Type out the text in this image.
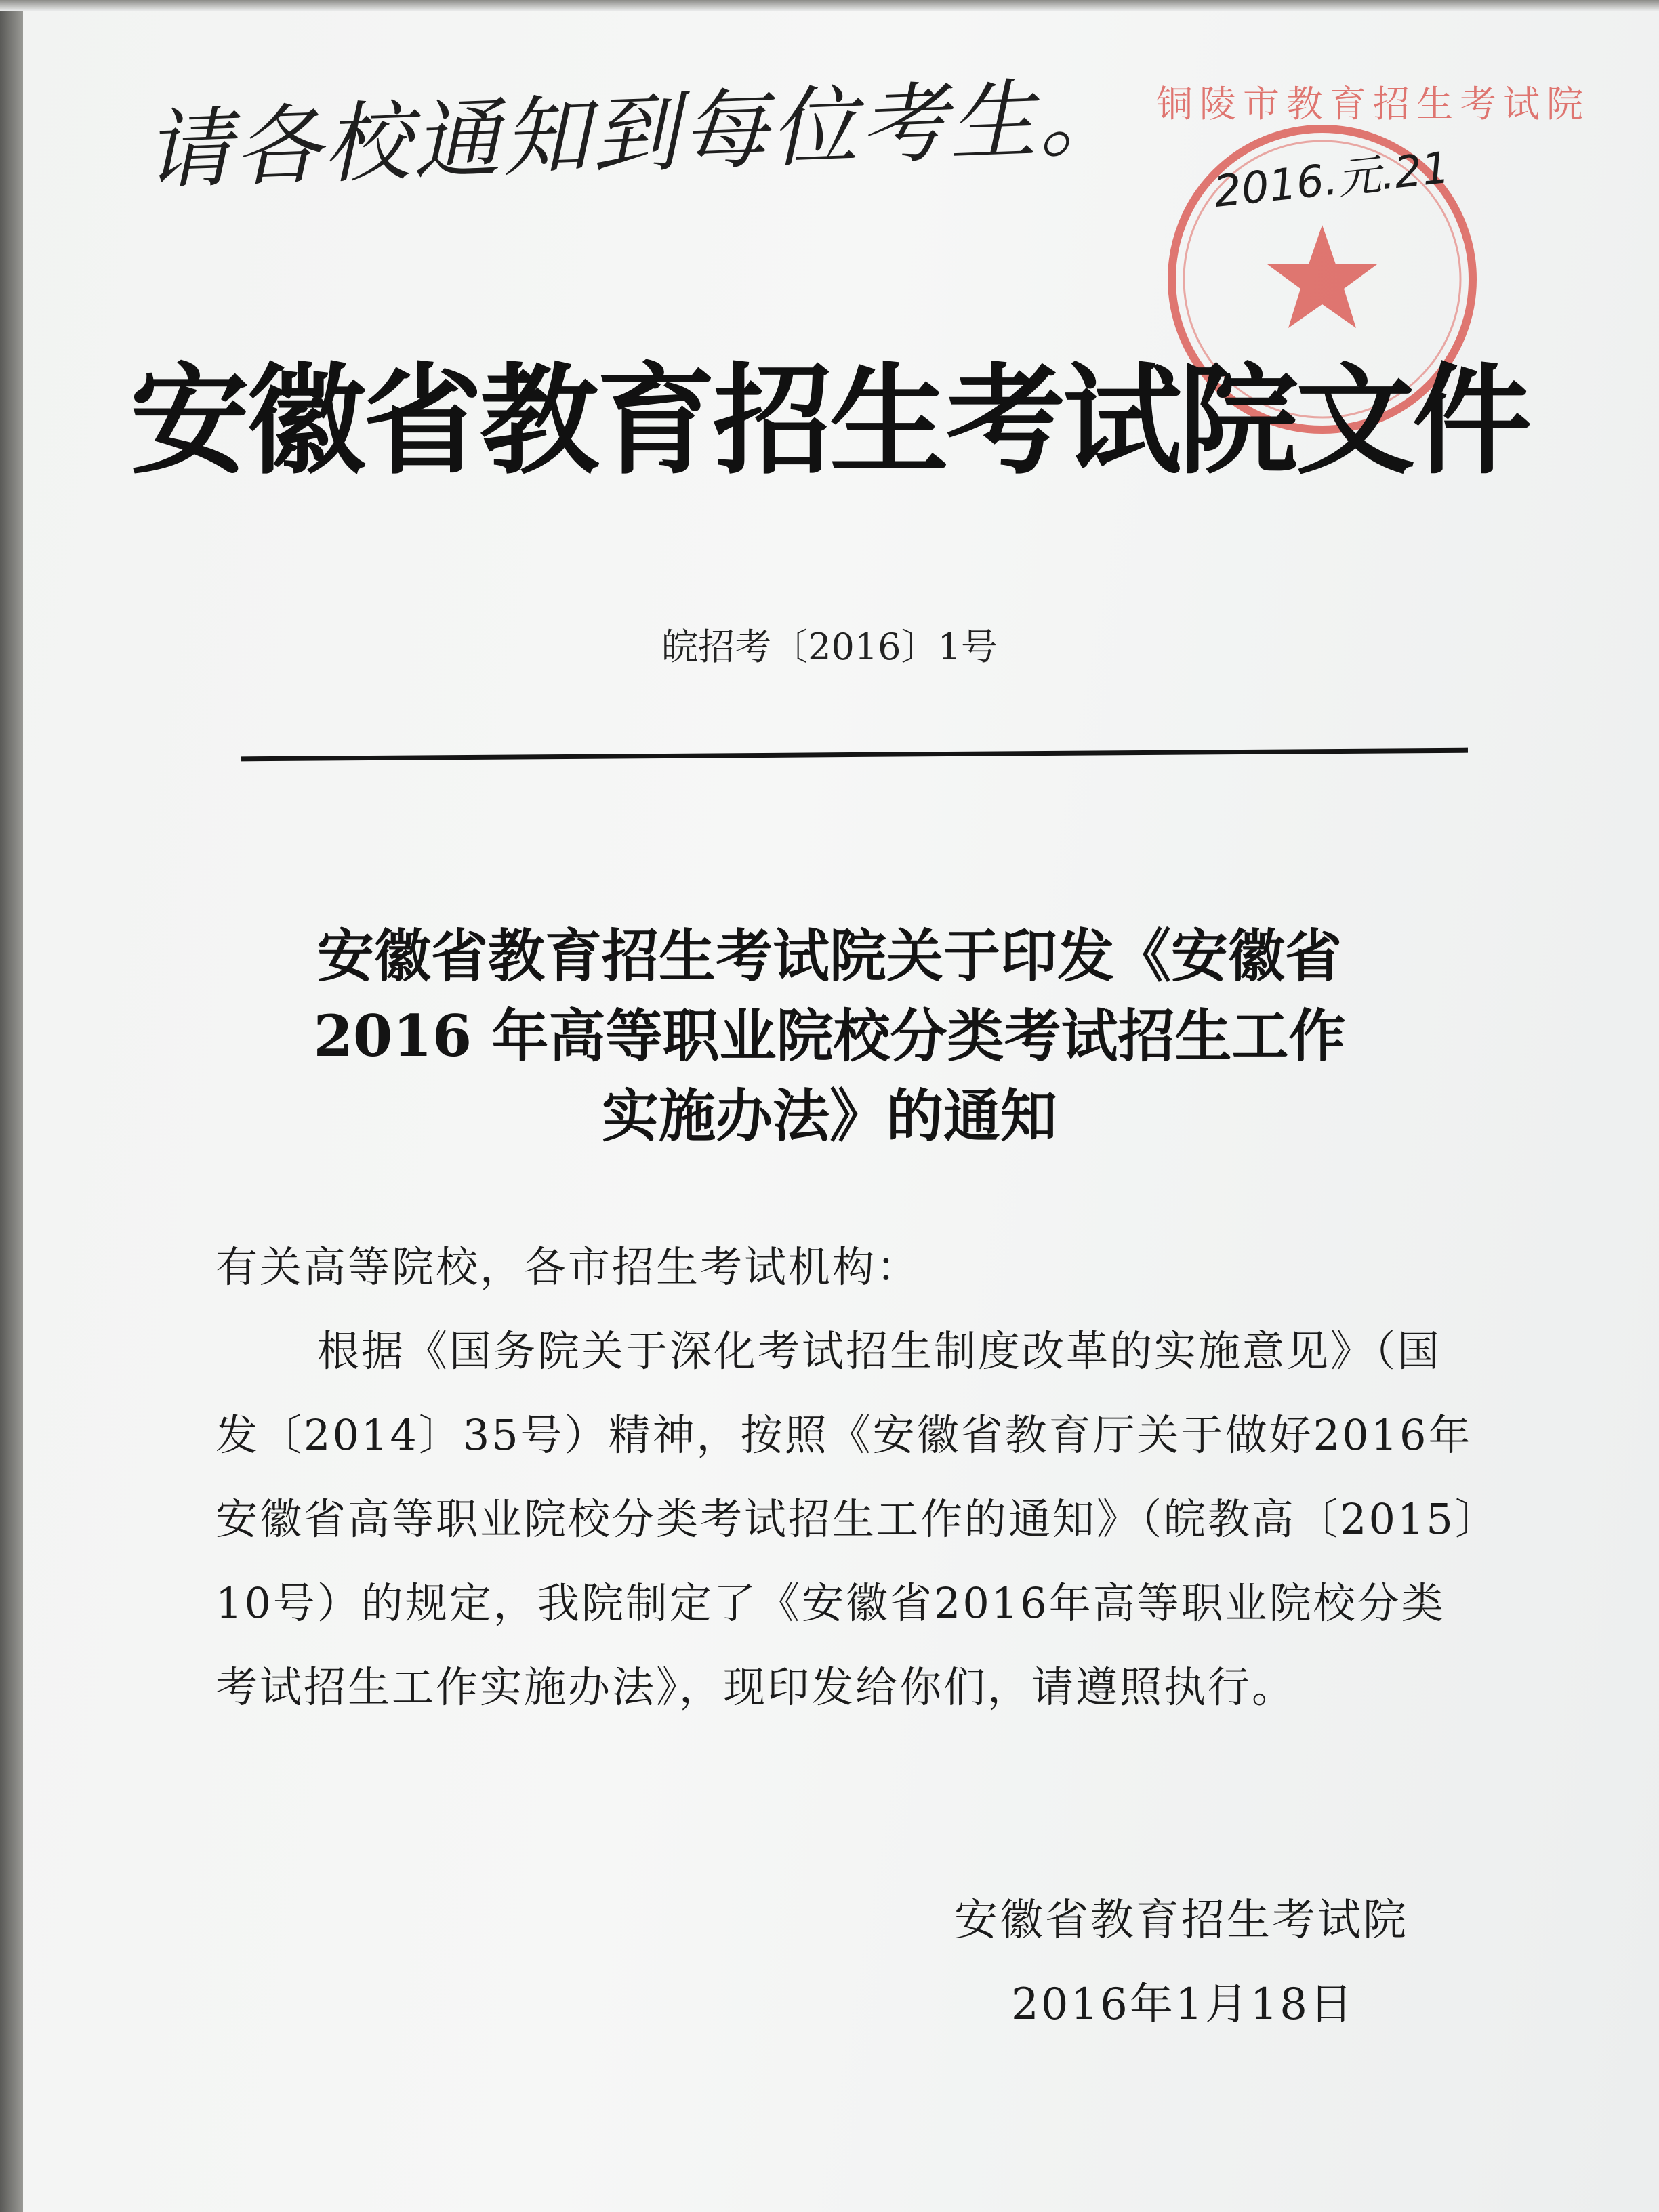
请各校通知到每位考生。 铜陵市教育招生考试院
2016.元.21
安徽省教育招生考试院文件
皖招考〔2016〕1号
安徽省教育招生考试院关于印发《安徽省
2016 年高等职业院校分类考试招生工作
实施办法》的通知
有关高等院校，各市招生考试机构：
根据《国务院关于深化考试招生制度改革的实施意见》（国
发〔2014〕35号）精神，按照《安徽省教育厅关于做好2016年
安徽省高等职业院校分类考试招生工作的通知》（皖教高〔2015〕
10号）的规定，我院制定了《安徽省2016年高等职业院校分类
考试招生工作实施办法》，现印发给你们，请遵照执行。
安徽省教育招生考试院
2016年1月18日
